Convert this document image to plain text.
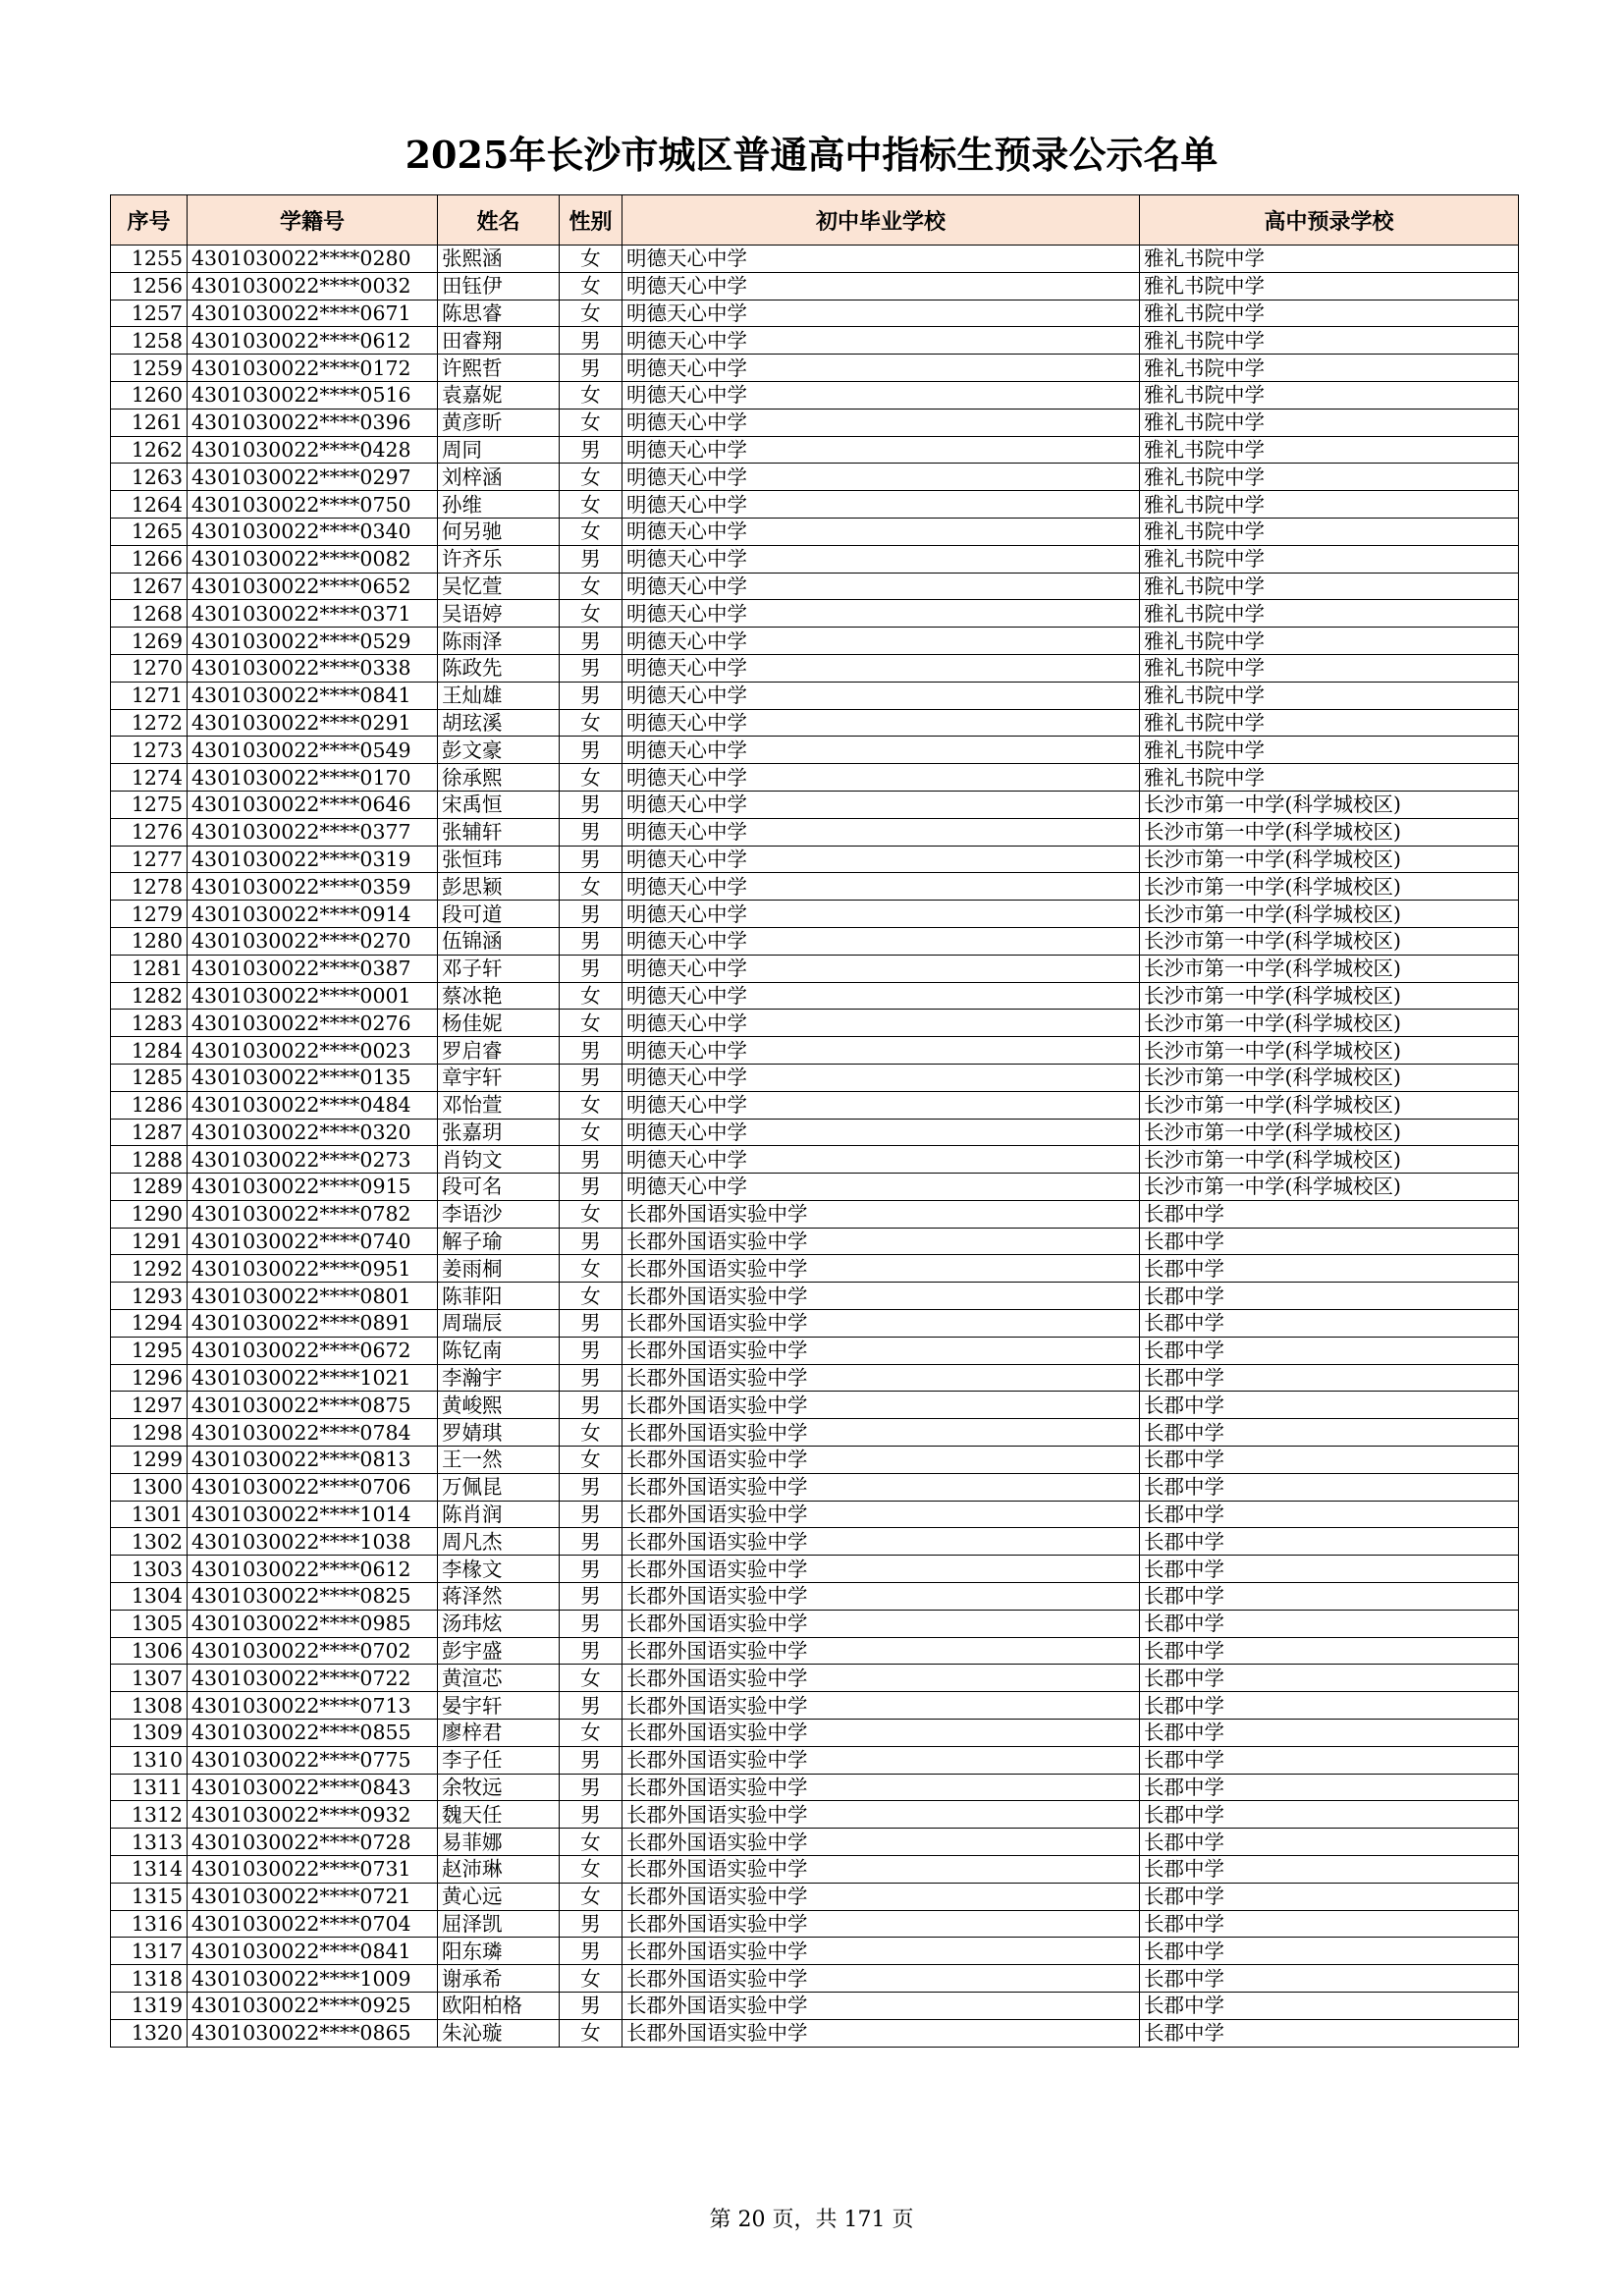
2025年长沙市城区普通高中指标生预录公示名单
序号	学籍号	姓名	性别	初中毕业学校	高中预录学校
1255	4301030022****0280	张熙涵	女	明德天心中学	雅礼书院中学
1256	4301030022****0032	田钰伊	女	明德天心中学	雅礼书院中学
1257	4301030022****0671	陈思睿	女	明德天心中学	雅礼书院中学
1258	4301030022****0612	田睿翔	男	明德天心中学	雅礼书院中学
1259	4301030022****0172	许熙哲	男	明德天心中学	雅礼书院中学
1260	4301030022****0516	袁嘉妮	女	明德天心中学	雅礼书院中学
1261	4301030022****0396	黄彦昕	女	明德天心中学	雅礼书院中学
1262	4301030022****0428	周同	男	明德天心中学	雅礼书院中学
1263	4301030022****0297	刘梓涵	女	明德天心中学	雅礼书院中学
1264	4301030022****0750	孙维	女	明德天心中学	雅礼书院中学
1265	4301030022****0340	何另驰	女	明德天心中学	雅礼书院中学
1266	4301030022****0082	许齐乐	男	明德天心中学	雅礼书院中学
1267	4301030022****0652	吴忆萱	女	明德天心中学	雅礼书院中学
1268	4301030022****0371	吴语婷	女	明德天心中学	雅礼书院中学
1269	4301030022****0529	陈雨泽	男	明德天心中学	雅礼书院中学
1270	4301030022****0338	陈政先	男	明德天心中学	雅礼书院中学
1271	4301030022****0841	王灿雄	男	明德天心中学	雅礼书院中学
1272	4301030022****0291	胡玹溪	女	明德天心中学	雅礼书院中学
1273	4301030022****0549	彭文豪	男	明德天心中学	雅礼书院中学
1274	4301030022****0170	徐承熙	女	明德天心中学	雅礼书院中学
1275	4301030022****0646	宋禹恒	男	明德天心中学	长沙市第一中学(科学城校区)
1276	4301030022****0377	张辅轩	男	明德天心中学	长沙市第一中学(科学城校区)
1277	4301030022****0319	张恒玮	男	明德天心中学	长沙市第一中学(科学城校区)
1278	4301030022****0359	彭思颖	女	明德天心中学	长沙市第一中学(科学城校区)
1279	4301030022****0914	段可道	男	明德天心中学	长沙市第一中学(科学城校区)
1280	4301030022****0270	伍锦涵	男	明德天心中学	长沙市第一中学(科学城校区)
1281	4301030022****0387	邓子轩	男	明德天心中学	长沙市第一中学(科学城校区)
1282	4301030022****0001	蔡冰艳	女	明德天心中学	长沙市第一中学(科学城校区)
1283	4301030022****0276	杨佳妮	女	明德天心中学	长沙市第一中学(科学城校区)
1284	4301030022****0023	罗启睿	男	明德天心中学	长沙市第一中学(科学城校区)
1285	4301030022****0135	章宇轩	男	明德天心中学	长沙市第一中学(科学城校区)
1286	4301030022****0484	邓怡萱	女	明德天心中学	长沙市第一中学(科学城校区)
1287	4301030022****0320	张嘉玥	女	明德天心中学	长沙市第一中学(科学城校区)
1288	4301030022****0273	肖钧文	男	明德天心中学	长沙市第一中学(科学城校区)
1289	4301030022****0915	段可名	男	明德天心中学	长沙市第一中学(科学城校区)
1290	4301030022****0782	李语沙	女	长郡外国语实验中学	长郡中学
1291	4301030022****0740	解子瑜	男	长郡外国语实验中学	长郡中学
1292	4301030022****0951	姜雨桐	女	长郡外国语实验中学	长郡中学
1293	4301030022****0801	陈菲阳	女	长郡外国语实验中学	长郡中学
1294	4301030022****0891	周瑞辰	男	长郡外国语实验中学	长郡中学
1295	4301030022****0672	陈钇南	男	长郡外国语实验中学	长郡中学
1296	4301030022****1021	李瀚宇	男	长郡外国语实验中学	长郡中学
1297	4301030022****0875	黄峻熙	男	长郡外国语实验中学	长郡中学
1298	4301030022****0784	罗婧琪	女	长郡外国语实验中学	长郡中学
1299	4301030022****0813	王一然	女	长郡外国语实验中学	长郡中学
1300	4301030022****0706	万佩昆	男	长郡外国语实验中学	长郡中学
1301	4301030022****1014	陈肖润	男	长郡外国语实验中学	长郡中学
1302	4301030022****1038	周凡杰	男	长郡外国语实验中学	长郡中学
1303	4301030022****0612	李椽文	男	长郡外国语实验中学	长郡中学
1304	4301030022****0825	蒋泽然	男	长郡外国语实验中学	长郡中学
1305	4301030022****0985	汤玮炫	男	长郡外国语实验中学	长郡中学
1306	4301030022****0702	彭宇盛	男	长郡外国语实验中学	长郡中学
1307	4301030022****0722	黄渲芯	女	长郡外国语实验中学	长郡中学
1308	4301030022****0713	晏宇轩	男	长郡外国语实验中学	长郡中学
1309	4301030022****0855	廖梓君	女	长郡外国语实验中学	长郡中学
1310	4301030022****0775	李子任	男	长郡外国语实验中学	长郡中学
1311	4301030022****0843	余牧远	男	长郡外国语实验中学	长郡中学
1312	4301030022****0932	魏天任	男	长郡外国语实验中学	长郡中学
1313	4301030022****0728	易菲娜	女	长郡外国语实验中学	长郡中学
1314	4301030022****0731	赵沛琳	女	长郡外国语实验中学	长郡中学
1315	4301030022****0721	黄心远	女	长郡外国语实验中学	长郡中学
1316	4301030022****0704	屈泽凯	男	长郡外国语实验中学	长郡中学
1317	4301030022****0841	阳东璘	男	长郡外国语实验中学	长郡中学
1318	4301030022****1009	谢承希	女	长郡外国语实验中学	长郡中学
1319	4301030022****0925	欧阳柏格	男	长郡外国语实验中学	长郡中学
1320	4301030022****0865	朱沁璇	女	长郡外国语实验中学	长郡中学
第 20 页，共 171 页
